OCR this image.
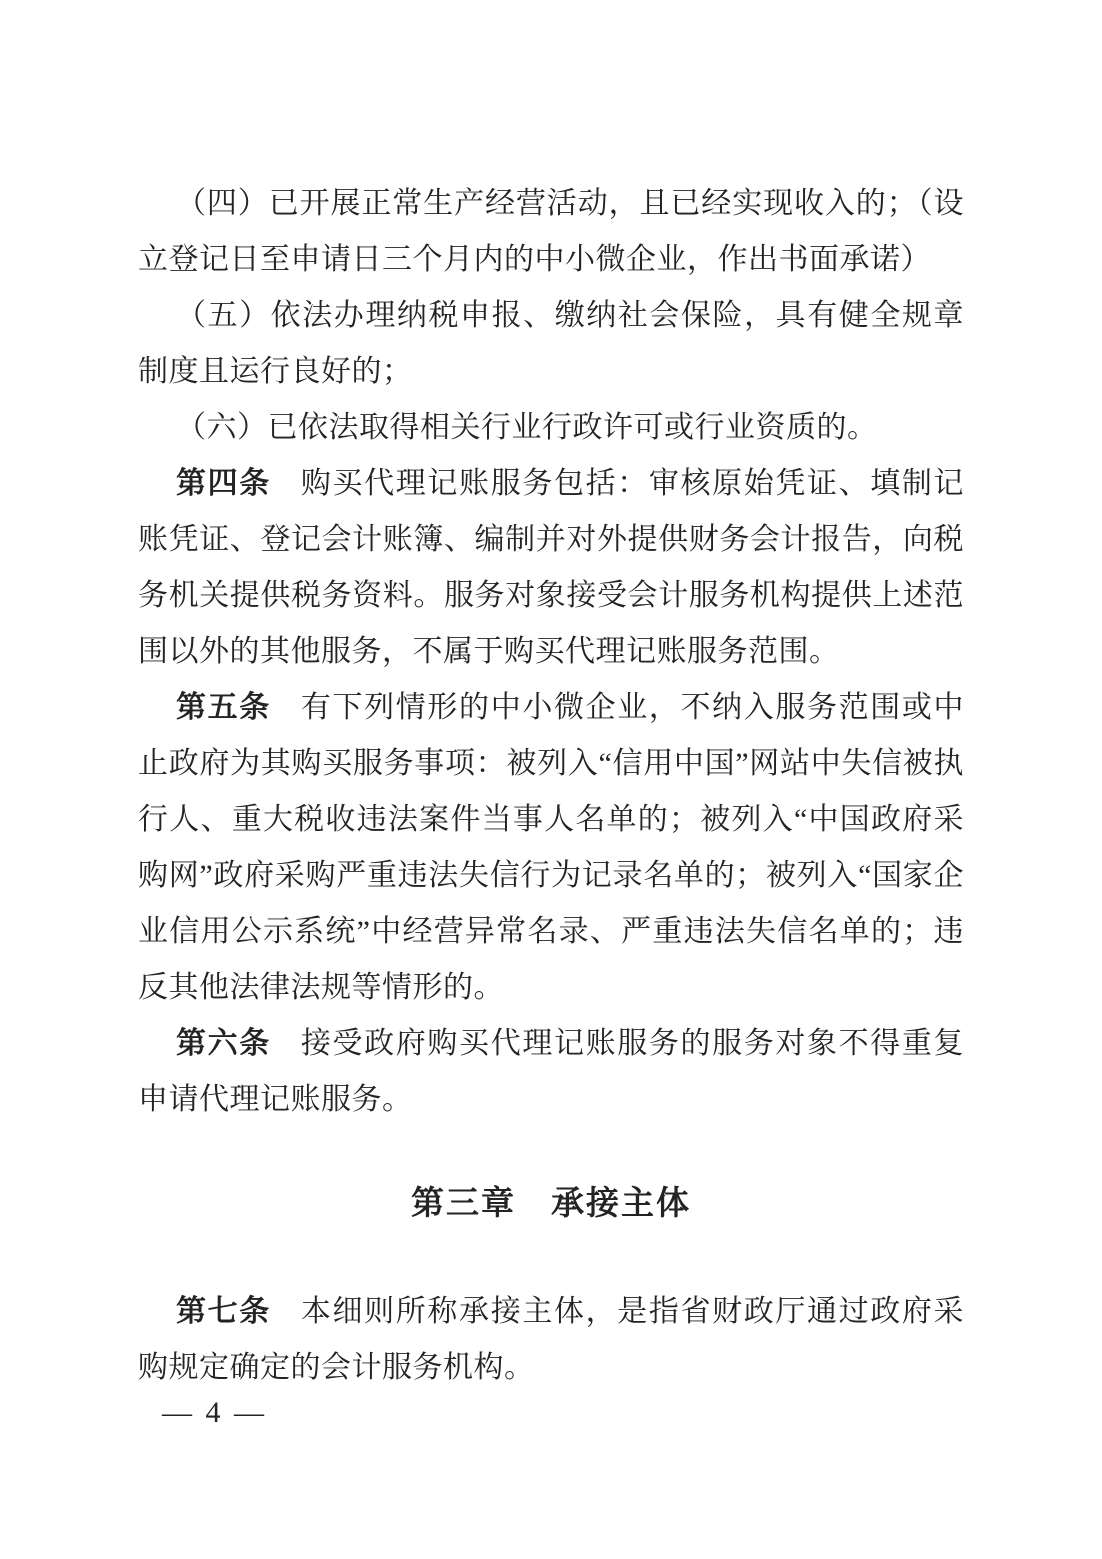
（四）已开展正常生产经营活动，且已经实现收入的；（设立登记日至申请日三个月内的中小微企业，作出书面承诺）

（五）依法办理纳税申报、缴纳社会保险，具有健全规章制度且运行良好的；

（六）已依法取得相关行业行政许可或行业资质的。

第四条 购买代理记账服务包括：审核原始凭证、填制记账凭证、登记会计账簿、编制并对外提供财务会计报告，向税务机关提供税务资料。服务对象接受会计服务机构提供上述范围以外的其他服务，不属于购买代理记账服务范围。

第五条 有下列情形的中小微企业，不纳入服务范围或中止政府为其购买服务事项：被列入“信用中国”网站中失信被执行人、重大税收违法案件当事人名单的；被列入“中国政府采购网”政府采购严重违法失信行为记录名单的；被列入“国家企业信用公示系统”中经营异常名录、严重违法失信名单的；违反其他法律法规等情形的。

第六条 接受政府购买代理记账服务的服务对象不得重复申请代理记账服务。

第三章　承接主体

第七条 本细则所称承接主体，是指省财政厅通过政府采购规定确定的会计服务机构。

— 4 —
